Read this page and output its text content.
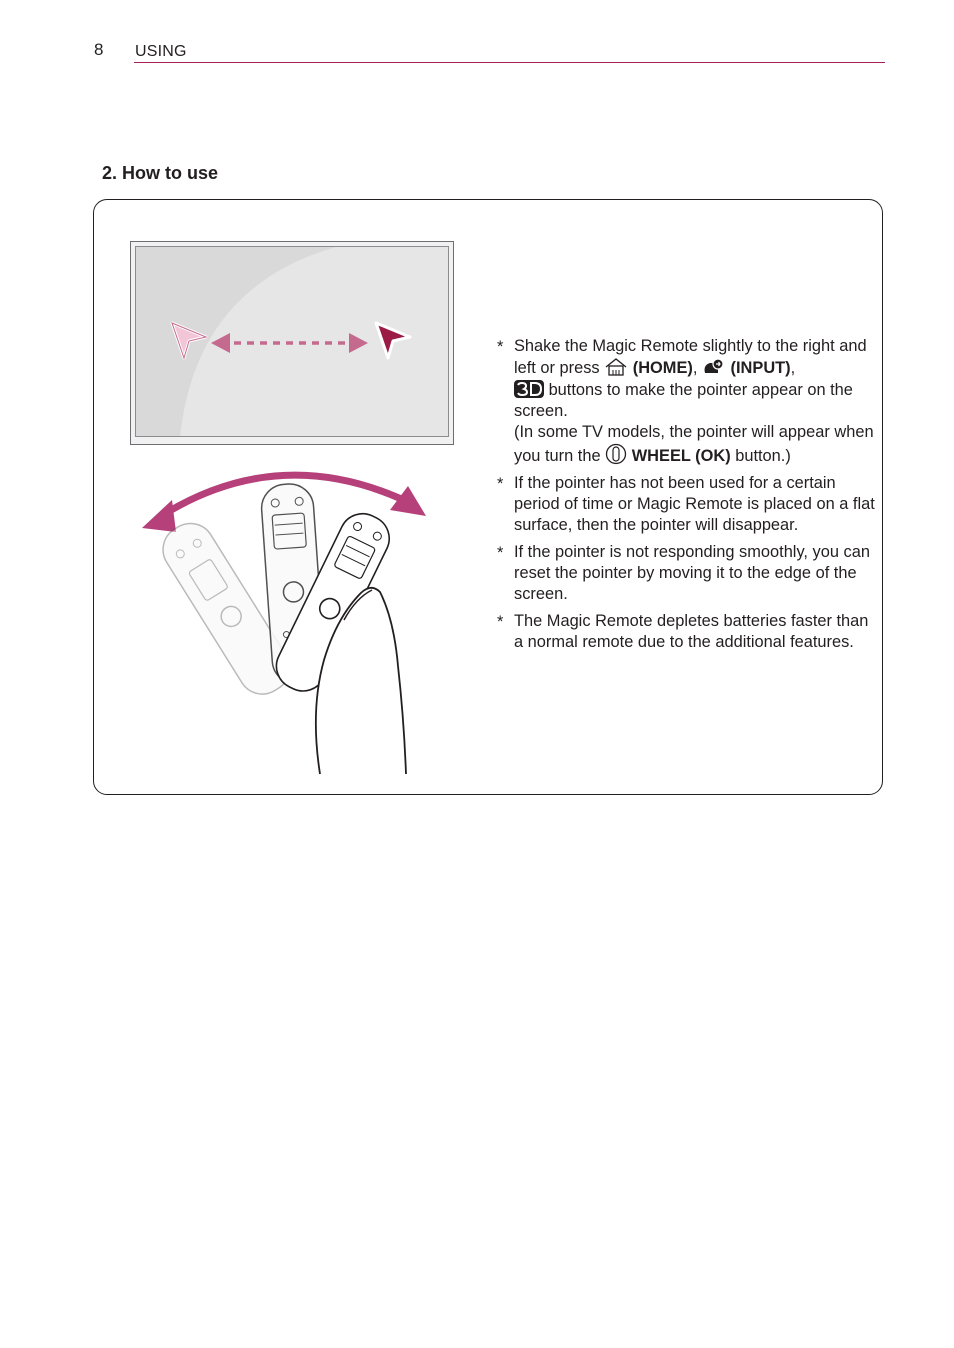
8 USING
2. How to use
* Shake the Magic Remote slightly to the right and left or press (HOME), (INPUT),
buttons to make the pointer appear on the screen.
(In some TV models, the pointer will appear when you turn the WHEEL (OK) button.)
* If the pointer has not been used for a certain period of time or Magic Remote is placed on a flat surface, then the pointer will disappear.
* If the pointer is not responding smoothly, you can reset the pointer by moving it to the edge of the screen.
* The Magic Remote depletes batteries faster than a normal remote due to the additional features.
